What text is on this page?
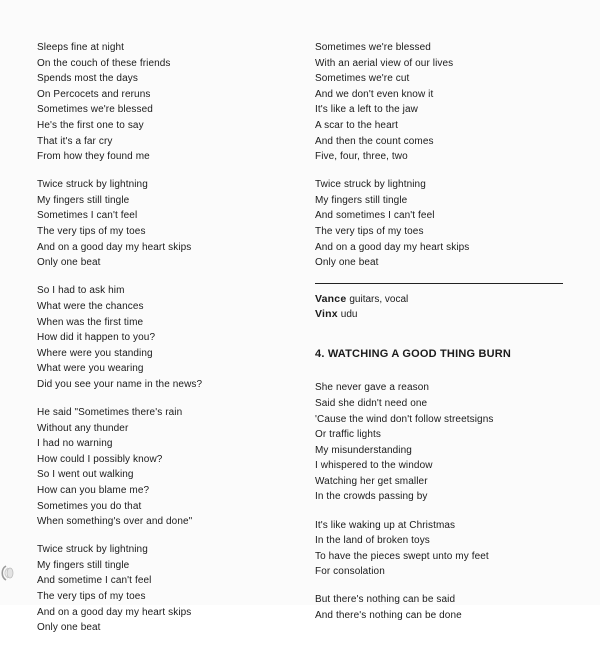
Sleeps fine at night
On the couch of these friends
Spends most the days
On Percocets and reruns
Sometimes we're blessed
He's the first one to say
That it's a far cry
From how they found me
Twice struck by lightning
My fingers still tingle
Sometimes I can't feel
The very tips of my toes
And on a good day my heart skips
Only one beat
So I had to ask him
What were the chances
When was the first time
How did it happen to you?
Where were you standing
What were you wearing
Did you see your name in the news?
He said "Sometimes there's rain
Without any thunder
I had no warning
How could I possibly know?
So I went out walking
How can you blame me?
Sometimes you do that
When something's over and done"
Twice struck by lightning
My fingers still tingle
And sometime I can't feel
The very tips of my toes
And on a good day my heart skips
Only one beat
Sometimes we're blessed
With an aerial view of our lives
Sometimes we're cut
And we don't even know it
It's like a left to the jaw
A scar to the heart
And then the count comes
Five, four, three, two
Twice struck by lightning
My fingers still tingle
And sometimes I can't feel
The very tips of my toes
And on a good day my heart skips
Only one beat
Vance guitars, vocal
Vinx udu
4. WATCHING A GOOD THING BURN
She never gave a reason
Said she didn't need one
'Cause the wind don't follow streetsigns
Or traffic lights
My misunderstanding
I whispered to the window
Watching her get smaller
In the crowds passing by
It's like waking up at Christmas
In the land of broken toys
To have the pieces swept unto my feet
For consolation
But there's nothing can be said
And there's nothing can be done
